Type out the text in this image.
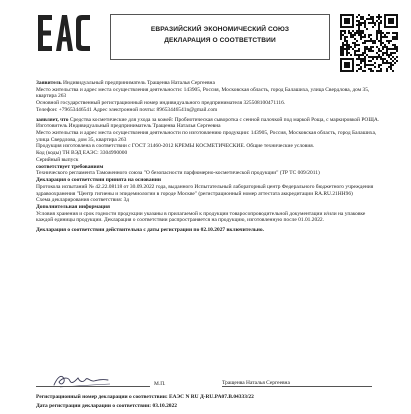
ЕВРАЗИЙСКИЙ ЭКОНОМИЧЕСКИЙ СОЮЗ
ДЕКЛАРАЦИЯ О СООТВЕТСТВИИ

Заявитель Индивидуальный предприниматель Тращенва Наталья Сергеевна

Место жительства и адрес места осуществления деятельности: 143905, Россия, Московская область, город Балашиха, улица Свердлова, дом 35, квартира 263

Основной государственный регистрационный номер индивидуального предпринимателя 325508100471116.

Телефон: +79653446541 Адрес электронной почты: 89653446541n@gmail.com

заявляет, что Средства косметические для ухода за кожей: Пробиотическая сыворотка с сенной палочкой под маркой Роща, с маркировкой РОЩА.

Изготовитель Индивидуальный предприниматель Тращенва Наталья Сергеевна

Место жительства и адрес места осуществления деятельности по изготовлению продукции: 143905, Россия, Московская область, город Балашиха, улица Свердлова, дом 35, квартира 263

Продукция изготовлена в соответствии с ГОСТ 31460-2012 КРЕМЫ КОСМЕТИЧЕСКИЕ. Общие технические условия.

Код (коды) ТН ВЭД ЕАЭС: 3304990000

Серийный выпуск

соответствует требованиям

Технического регламента Таможенного союза "О безопасности парфюмерно-косметической продукции" (ТР ТС 009/2011)

Декларация о соответствии принята на основании

Протокола испытаний № 42.22.08118 от 30.09.2022 года, выданного Испытательный лабораторный центр Федерального бюджетного учреждения здравоохранения "Центр гигиены и эпидемиологии в городе Москве" (регистрационный номер аттестата аккредитации RA.RU.21HH96)

Схема декларирования соответствия: 3д

Дополнительная информация

Условия хранения и срок годности продукции указаны в прилагаемой к продукции товаросопроводительной документации и/или на упаковке каждой единицы продукции. Декларация о соответствии распространяется на продукцию, изготовленную после 01.01.2022.

Декларация о соответствии действительна с даты регистрации по 02.10.2027 включительно.

М.П.	Тращенва Наталья Сергеевна

Регистрационный номер декларации о соответствии: ЕАЭС N RU Д-RU.PA07.B.04333/22

Дата регистрации декларации о соответствии: 03.10.2022
